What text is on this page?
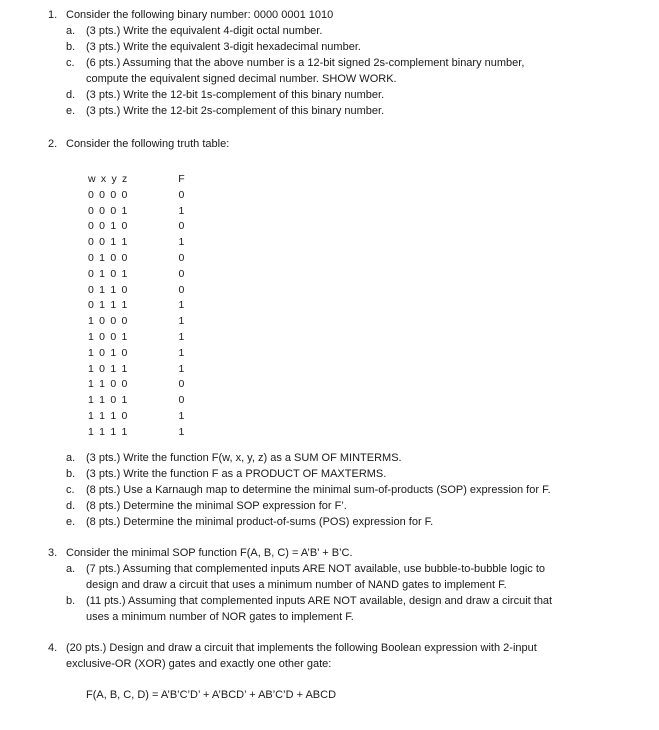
1. Consider the following binary number: 0000 0001 1010
a. (3 pts.) Write the equivalent 4-digit octal number.
b. (3 pts.) Write the equivalent 3-digit hexadecimal number.
c. (6 pts.) Assuming that the above number is a 12-bit signed 2s-complement binary number,
compute the equivalent signed decimal number. SHOW WORK.
d. (3 pts.) Write the 12-bit 1s-complement of this binary number.
e. (3 pts.) Write the 12-bit 2s-complement of this binary number.
2. Consider the following truth table:
w x y z	F
0 0 0 0	0
0 0 0 1	1
0 0 1 0	0
0 0 1 1	1
0 1 0 0	0
0 1 0 1	0
0 1 1 0	0
0 1 1 1	1
1 0 0 0	1
1 0 0 1	1
1 0 1 0	1
1 0 1 1	1
1 1 0 0	0
1 1 0 1	0
1 1 1 0	1
1 1 1 1	1
a. (3 pts.) Write the function F(w, x, y, z) as a SUM OF MINTERMS.
b. (3 pts.) Write the function F as a PRODUCT OF MAXTERMS.
c. (8 pts.) Use a Karnaugh map to determine the minimal sum-of-products (SOP) expression for F.
d. (8 pts.) Determine the minimal SOP expression for F’.
e. (8 pts.) Determine the minimal product-of-sums (POS) expression for F.
3. Consider the minimal SOP function F(A, B, C) = A’B’ + B’C.
a. (7 pts.) Assuming that complemented inputs ARE NOT available, use bubble-to-bubble logic to
design and draw a circuit that uses a minimum number of NAND gates to implement F.
b. (11 pts.) Assuming that complemented inputs ARE NOT available, design and draw a circuit that
uses a minimum number of NOR gates to implement F.
4. (20 pts.) Design and draw a circuit that implements the following Boolean expression with 2-input
exclusive-OR (XOR) gates and exactly one other gate:
F(A, B, C, D) = A’B’C’D’ + A’BCD’ + AB’C’D + ABCD
